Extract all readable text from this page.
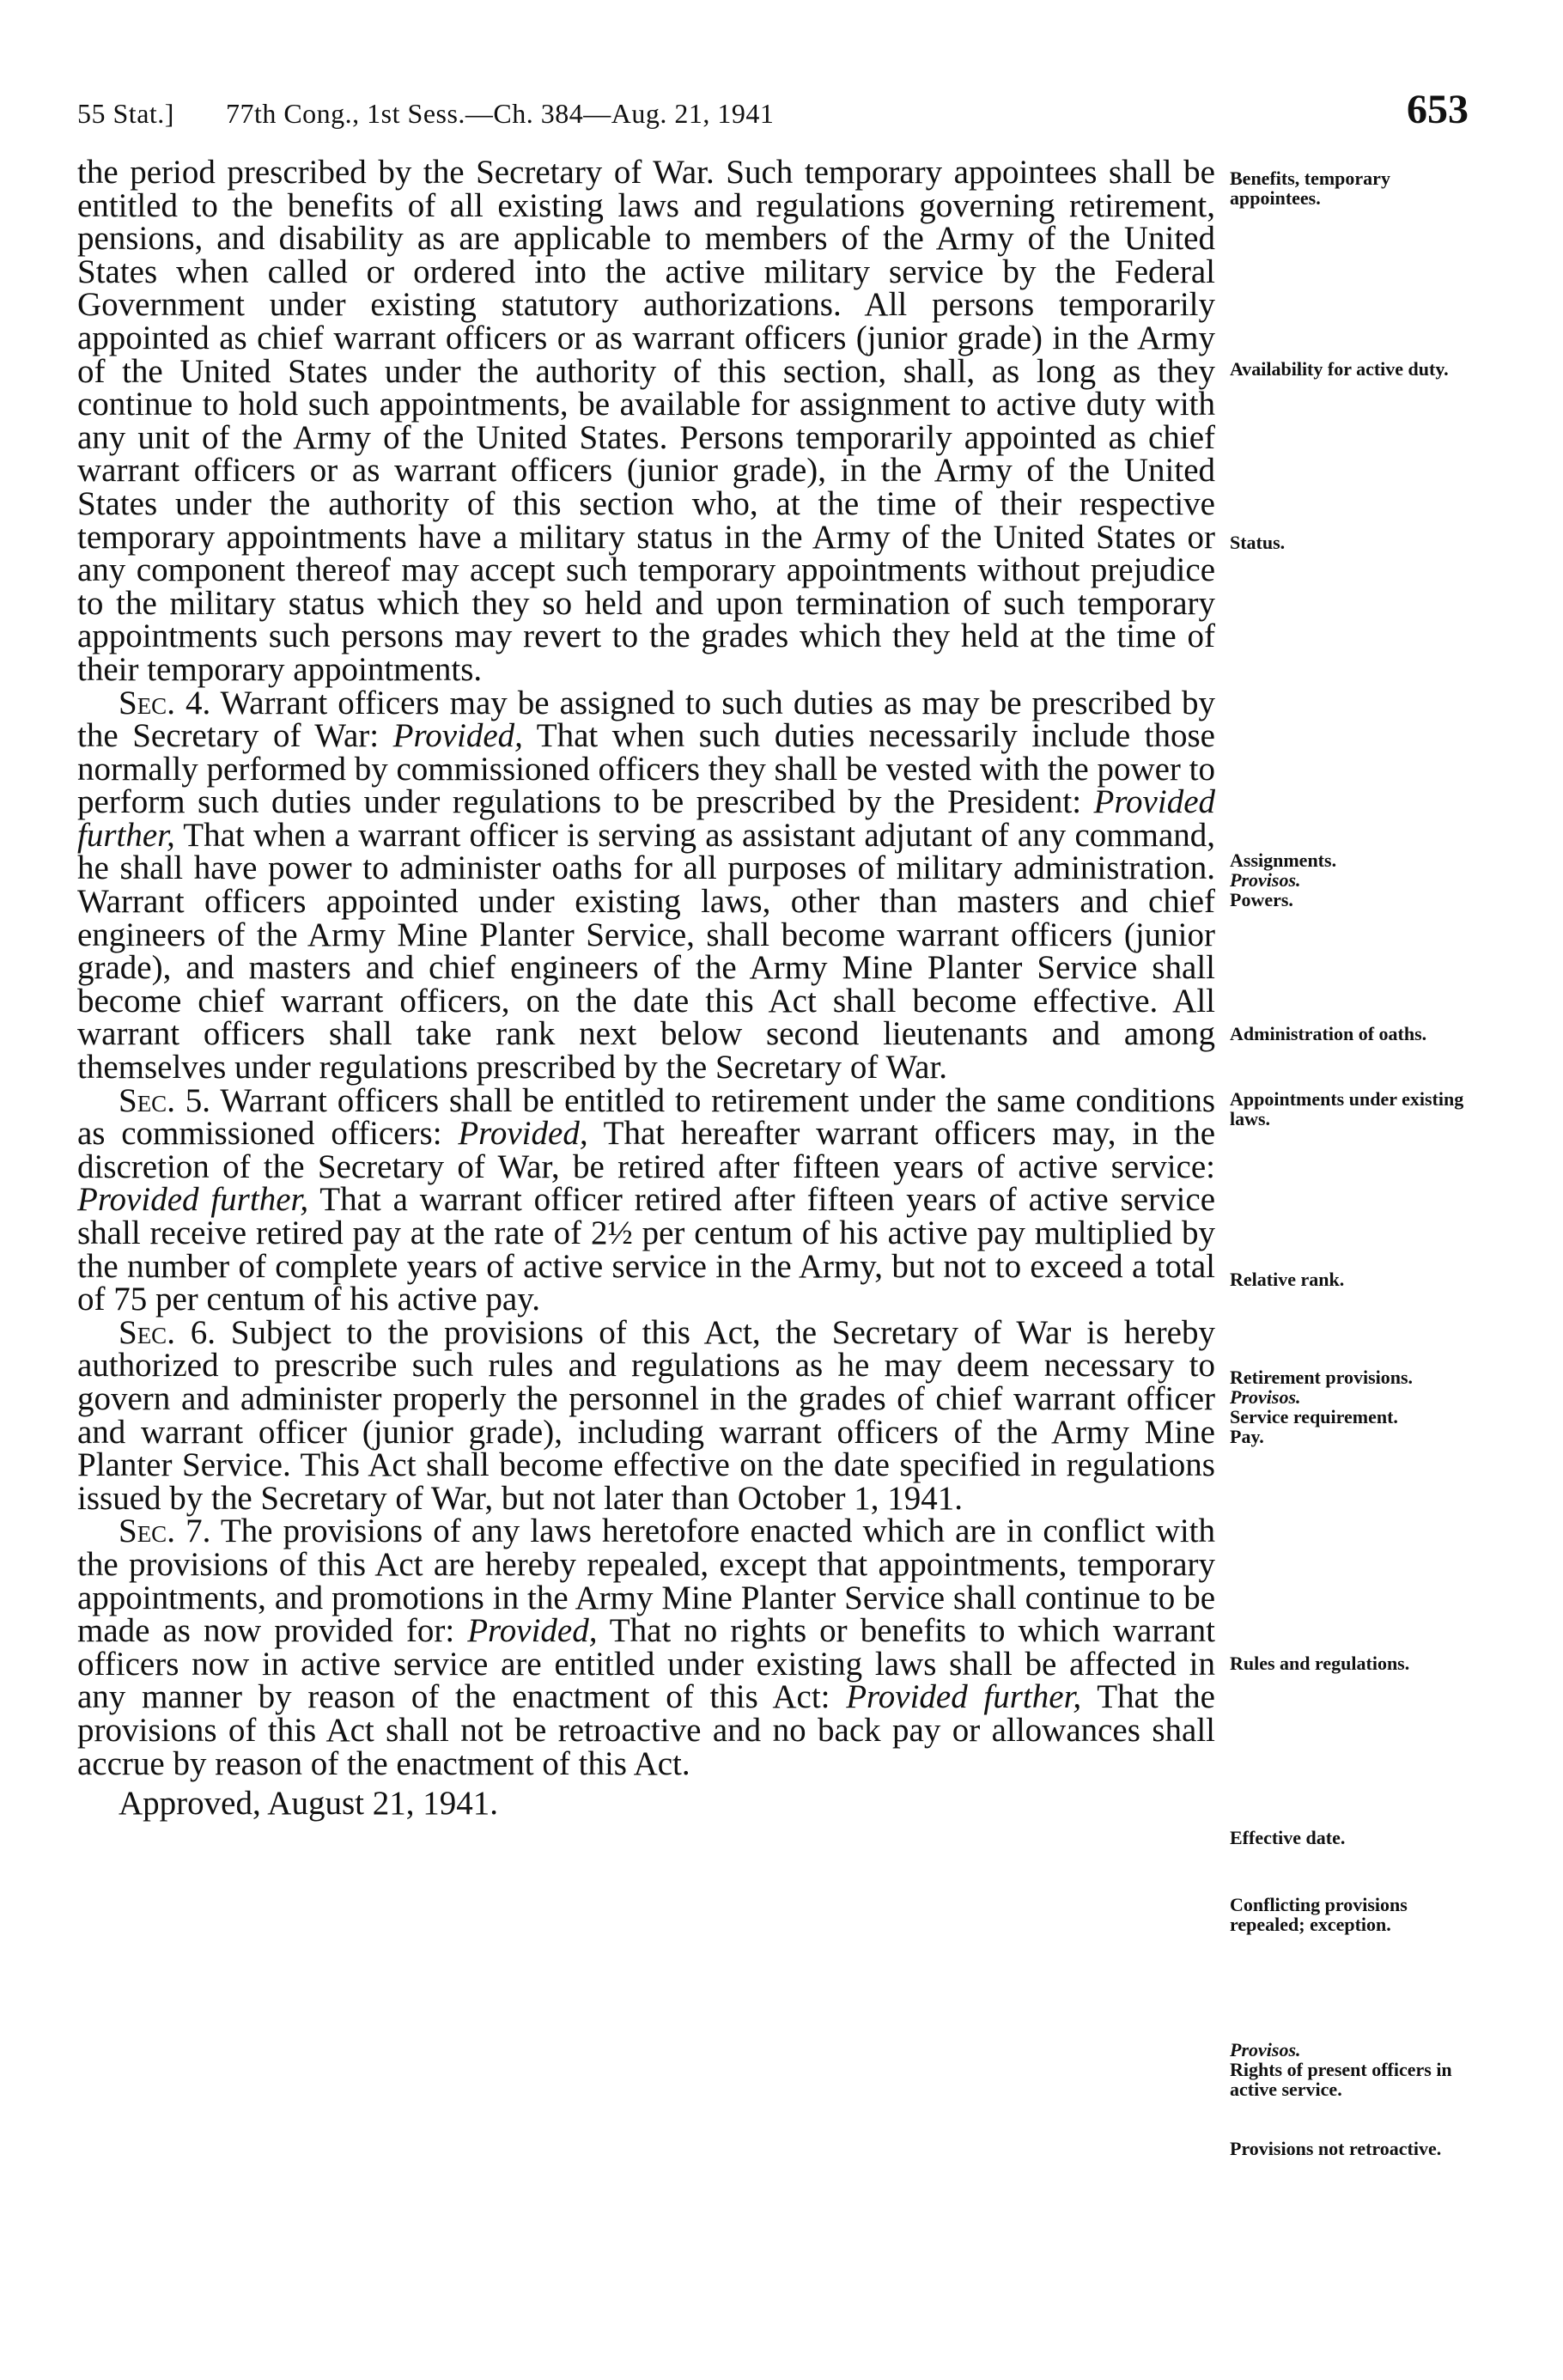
55 Stat.] 77th Cong., 1st Sess.—Ch. 384—Aug. 21, 1941	653

the period prescribed by the Secretary of War. Such temporary appointees shall be entitled to the benefits of all existing laws and regulations governing retirement, pensions, and disability as are applicable to members of the Army of the United States when called or ordered into the active military service by the Federal Government under existing statutory authorizations. All persons temporarily appointed as chief warrant officers or as warrant officers (junior grade) in the Army of the United States under the authority of this section, shall, as long as they continue to hold such appointments, be available for assignment to active duty with any unit of the Army of the United States. Persons temporarily appointed as chief warrant officers or as warrant officers (junior grade), in the Army of the United States under the authority of this section who, at the time of their respective temporary appointments have a military status in the Army of the United States or any component thereof may accept such temporary appointments without prejudice to the military status which they so held and upon termination of such temporary appointments such persons may revert to the grades which they held at the time of their temporary appointments.

Sec. 4. Warrant officers may be assigned to such duties as may be prescribed by the Secretary of War: Provided, That when such duties necessarily include those normally performed by commissioned officers they shall be vested with the power to perform such duties under regulations to be prescribed by the President: Provided further, That when a warrant officer is serving as assistant adjutant of any command, he shall have power to administer oaths for all purposes of military administration. Warrant officers appointed under existing laws, other than masters and chief engineers of the Army Mine Planter Service, shall become warrant officers (junior grade), and masters and chief engineers of the Army Mine Planter Service shall become chief warrant officers, on the date this Act shall become effective. All warrant officers shall take rank next below second lieutenants and among themselves under regulations prescribed by the Secretary of War.

Sec. 5. Warrant officers shall be entitled to retirement under the same conditions as commissioned officers: Provided, That hereafter warrant officers may, in the discretion of the Secretary of War, be retired after fifteen years of active service: Provided further, That a warrant officer retired after fifteen years of active service shall receive retired pay at the rate of 2½ per centum of his active pay multiplied by the number of complete years of active service in the Army, but not to exceed a total of 75 per centum of his active pay.

Sec. 6. Subject to the provisions of this Act, the Secretary of War is hereby authorized to prescribe such rules and regulations as he may deem necessary to govern and administer properly the personnel in the grades of chief warrant officer and warrant officer (junior grade), including warrant officers of the Army Mine Planter Service. This Act shall become effective on the date specified in regulations issued by the Secretary of War, but not later than October 1, 1941.

Sec. 7. The provisions of any laws heretofore enacted which are in conflict with the provisions of this Act are hereby repealed, except that appointments, temporary appointments, and promotions in the Army Mine Planter Service shall continue to be made as now provided for: Provided, That no rights or benefits to which warrant officers now in active service are entitled under existing laws shall be affected in any manner by reason of the enactment of this Act: Provided further, That the provisions of this Act shall not be retroactive and no back pay or allowances shall accrue by reason of the enactment of this Act.

Approved, August 21, 1941.

Benefits, temporary appointees.
Availability for active duty.
Status.
Assignments.
Provisos.
Powers.
Administration of oaths.
Appointments under existing laws.
Relative rank.
Retirement provisions.
Provisos.
Service requirement.
Pay.
Rules and regulations.
Effective date.
Conflicting provisions repealed; exception.
Provisos.
Rights of present officers in active service.
Provisions not retroactive.
